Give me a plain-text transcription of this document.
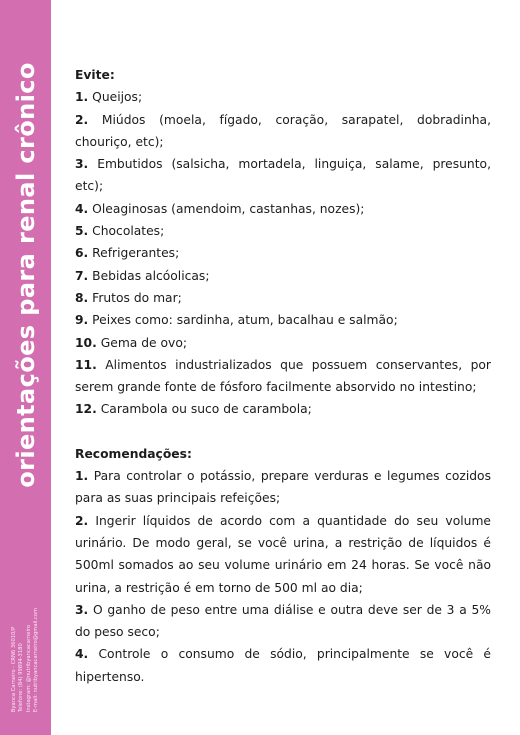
orientações para renal crônico
Byanca Carneiro - CRN6 36010/P Telefone: (84) 99894-3180 Instagram: @nutribyancacarneiro E-mail: nutribyancacarneiro@gmail.com

Evite:

1. Queijos;

2. Miúdos (moela, fígado, coração, sarapatel, dobradinha, chouriço, etc);

3. Embutidos (salsicha, mortadela, linguiça, salame, presunto, etc);

4. Oleaginosas (amendoim, castanhas, nozes);

5. Chocolates;

6. Refrigerantes;

7. Bebidas alcóolicas;

8. Frutos do mar;

9. Peixes como: sardinha, atum, bacalhau e salmão;

10. Gema de ovo;

11. Alimentos industrializados que possuem conservantes, por serem grande fonte de fósforo facilmente absorvido no intestino;

12. Carambola ou suco de carambola;

Recomendações:

1. Para controlar o potássio, prepare verduras e legumes cozidos para as suas principais refeições;

2. Ingerir líquidos de acordo com a quantidade do seu volume urinário. De modo geral, se você urina, a restrição de líquidos é 500ml somados ao seu volume urinário em 24 horas. Se você não urina, a restrição é em torno de 500 ml ao dia;

3. O ganho de peso entre uma diálise e outra deve ser de 3 a 5% do peso seco;

4. Controle o consumo de sódio, principalmente se você é hipertenso.
